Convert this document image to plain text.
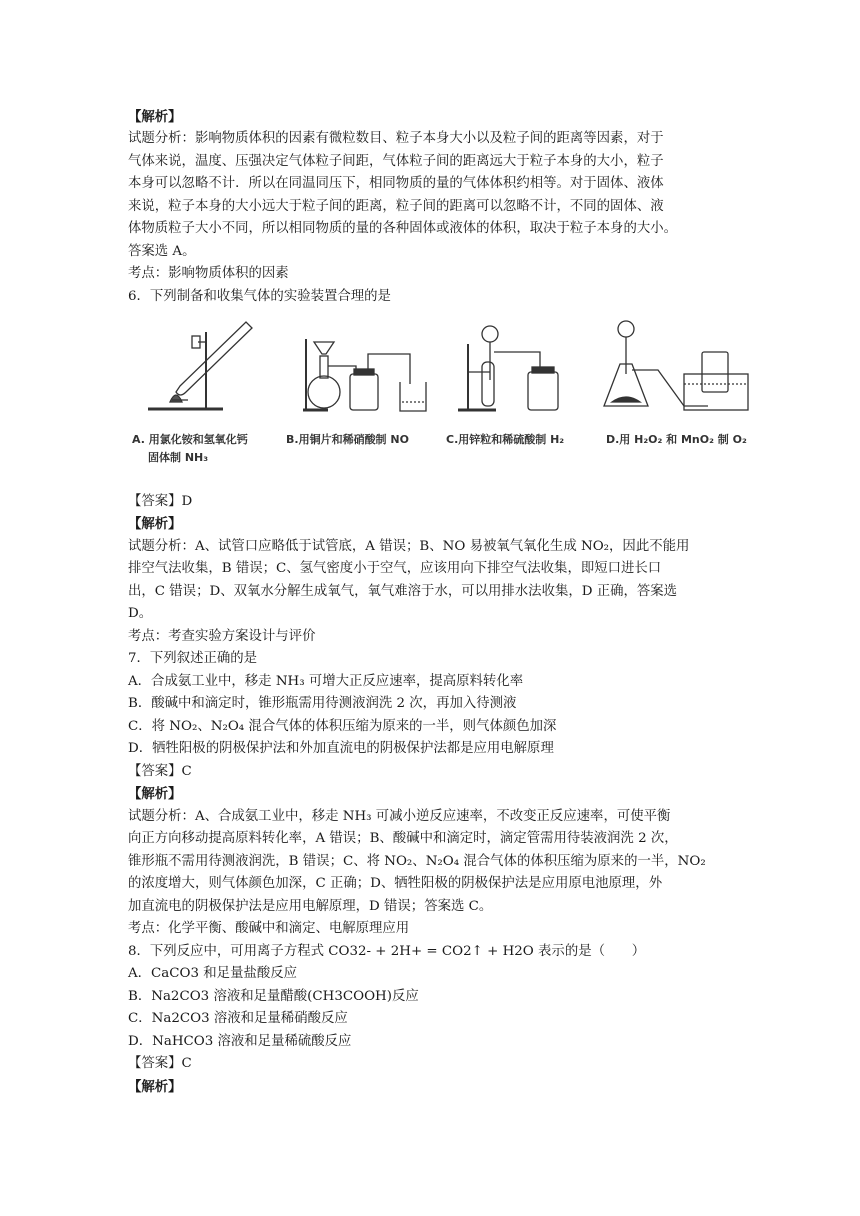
【解析】
试题分析：影响物质体积的因素有微粒数目、粒子本身大小以及粒子间的距离等因素，对于
气体来说，温度、压强决定气体粒子间距，气体粒子间的距离远大于粒子本身的大小，粒子
本身可以忽略不计．所以在同温同压下，相同物质的量的气体体积约相等。对于固体、液体
来说，粒子本身的大小远大于粒子间的距离，粒子间的距离可以忽略不计，不同的固体、液
体物质粒子大小不同，所以相同物质的量的各种固体或液体的体积，取决于粒子本身的大小。
答案选 A。
考点：影响物质体积的因素
6．下列制备和收集气体的实验装置合理的是
A. 用氯化铵和氢氧化钙
固体制 NH₃
B.用铜片和稀硝酸制 NO	C.用锌粒和稀硫酸制 H₂	D.用 H₂O₂ 和 MnO₂ 制 O₂
【答案】D
【解析】
试题分析：A、试管口应略低于试管底，A 错误；B、NO 易被氧气氧化生成 NO₂，因此不能用
排空气法收集，B 错误；C、氢气密度小于空气，应该用向下排空气法收集，即短口进长口
出，C 错误；D、双氧水分解生成氧气，氧气难溶于水，可以用排水法收集，D 正确，答案选
D。
考点：考查实验方案设计与评价
7．下列叙述正确的是
A．合成氨工业中，移走 NH₃ 可增大正反应速率，提高原料转化率
B．酸碱中和滴定时，锥形瓶需用待测液润洗 2 次，再加入待测液
C．将 NO₂、N₂O₄ 混合气体的体积压缩为原来的一半，则气体颜色加深
D．牺牲阳极的阴极保护法和外加直流电的阴极保护法都是应用电解原理
【答案】C
【解析】
试题分析：A、合成氨工业中，移走 NH₃ 可减小逆反应速率，不改变正反应速率，可使平衡
向正方向移动提高原料转化率，A 错误；B、酸碱中和滴定时，滴定管需用待装液润洗 2 次，
锥形瓶不需用待测液润洗，B 错误；C、将 NO₂、N₂O₄ 混合气体的体积压缩为原来的一半，NO₂
的浓度增大，则气体颜色加深，C 正确；D、牺牲阳极的阴极保护法是应用原电池原理，外
加直流电的阴极保护法是应用电解原理，D 错误；答案选 C。
考点：化学平衡、酸碱中和滴定、电解原理应用
8．下列反应中，可用离子方程式 CO32- + 2H+ = CO2↑ + H2O 表示的是（　　）
A．CaCO3 和足量盐酸反应
B．Na2CO3 溶液和足量醋酸(CH3COOH)反应
C．Na2CO3 溶液和足量稀硝酸反应
D．NaHCO3 溶液和足量稀硫酸反应
【答案】C
【解析】
